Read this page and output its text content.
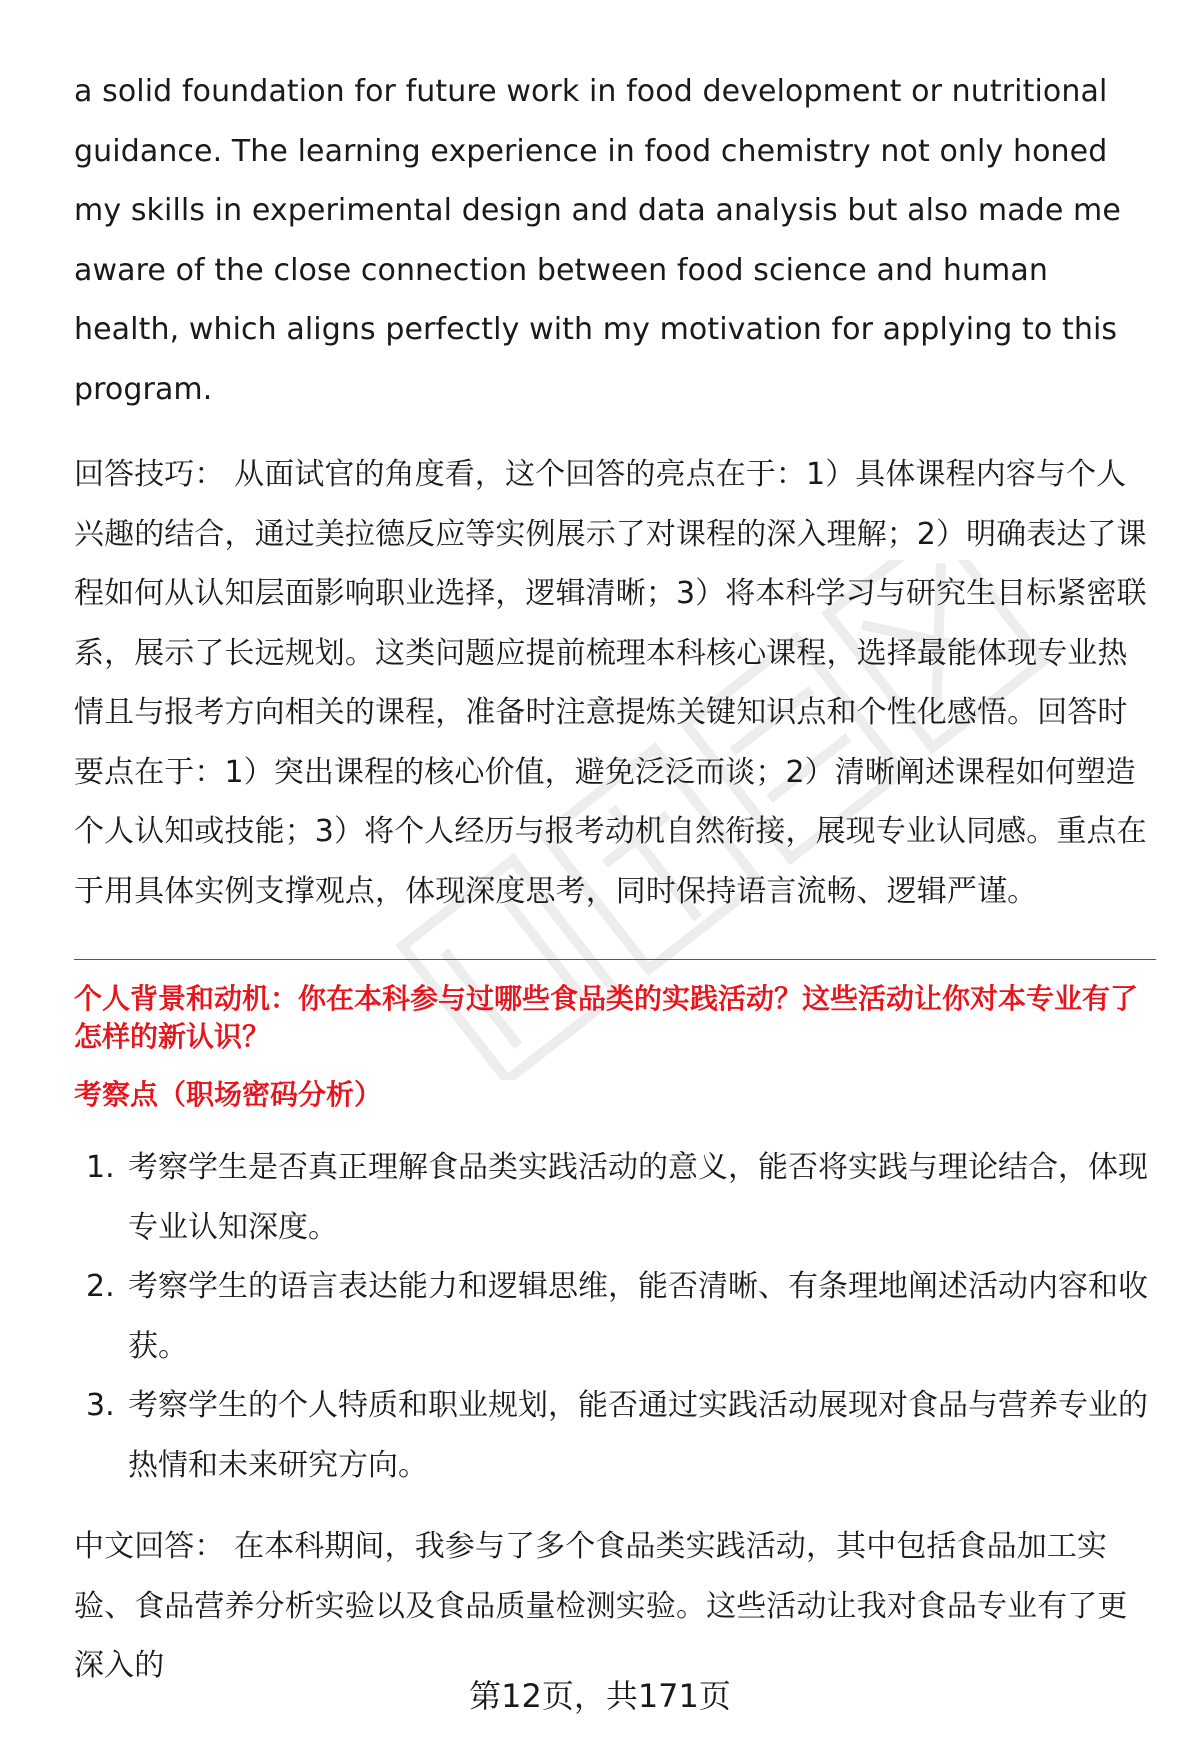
a solid foundation for future work in food development or nutritional guidance. The learning experience in food chemistry not only honed my skills in experimental design and data analysis but also made me aware of the close connection between food science and human health, which aligns perfectly with my motivation for applying to this program.

回答技巧： 从面试官的角度看，这个回答的亮点在于：1）具体课程内容与个人兴趣的结合，通过美拉德反应等实例展示了对课程的深入理解；2）明确表达了课程如何从认知层面影响职业选择，逻辑清晰；3）将本科学习与研究生目标紧密联系，展示了长远规划。这类问题应提前梳理本科核心课程，选择最能体现专业热情且与报考方向相关的课程，准备时注意提炼关键知识点和个性化感悟。回答时要点在于：1）突出课程的核心价值，避免泛泛而谈；2）清晰阐述课程如何塑造个人认知或技能；3）将个人经历与报考动机自然衔接，展现专业认同感。重点在于用具体实例支撑观点，体现深度思考，同时保持语言流畅、逻辑严谨。

个人背景和动机：你在本科参与过哪些食品类的实践活动？这些活动让你对本专业有了怎样的新认识？
考察点（职场密码分析）
1. 考察学生是否真正理解食品类实践活动的意义，能否将实践与理论结合，体现专业认知深度。
2. 考察学生的语言表达能力和逻辑思维，能否清晰、有条理地阐述活动内容和收获。
3. 考察学生的个人特质和职业规划，能否通过实践活动展现对食品与营养专业的热情和未来研究方向。

中文回答： 在本科期间，我参与了多个食品类实践活动，其中包括食品加工实验、食品营养分析实验以及食品质量检测实验。这些活动让我对食品专业有了更深入的

第12页，共171页
